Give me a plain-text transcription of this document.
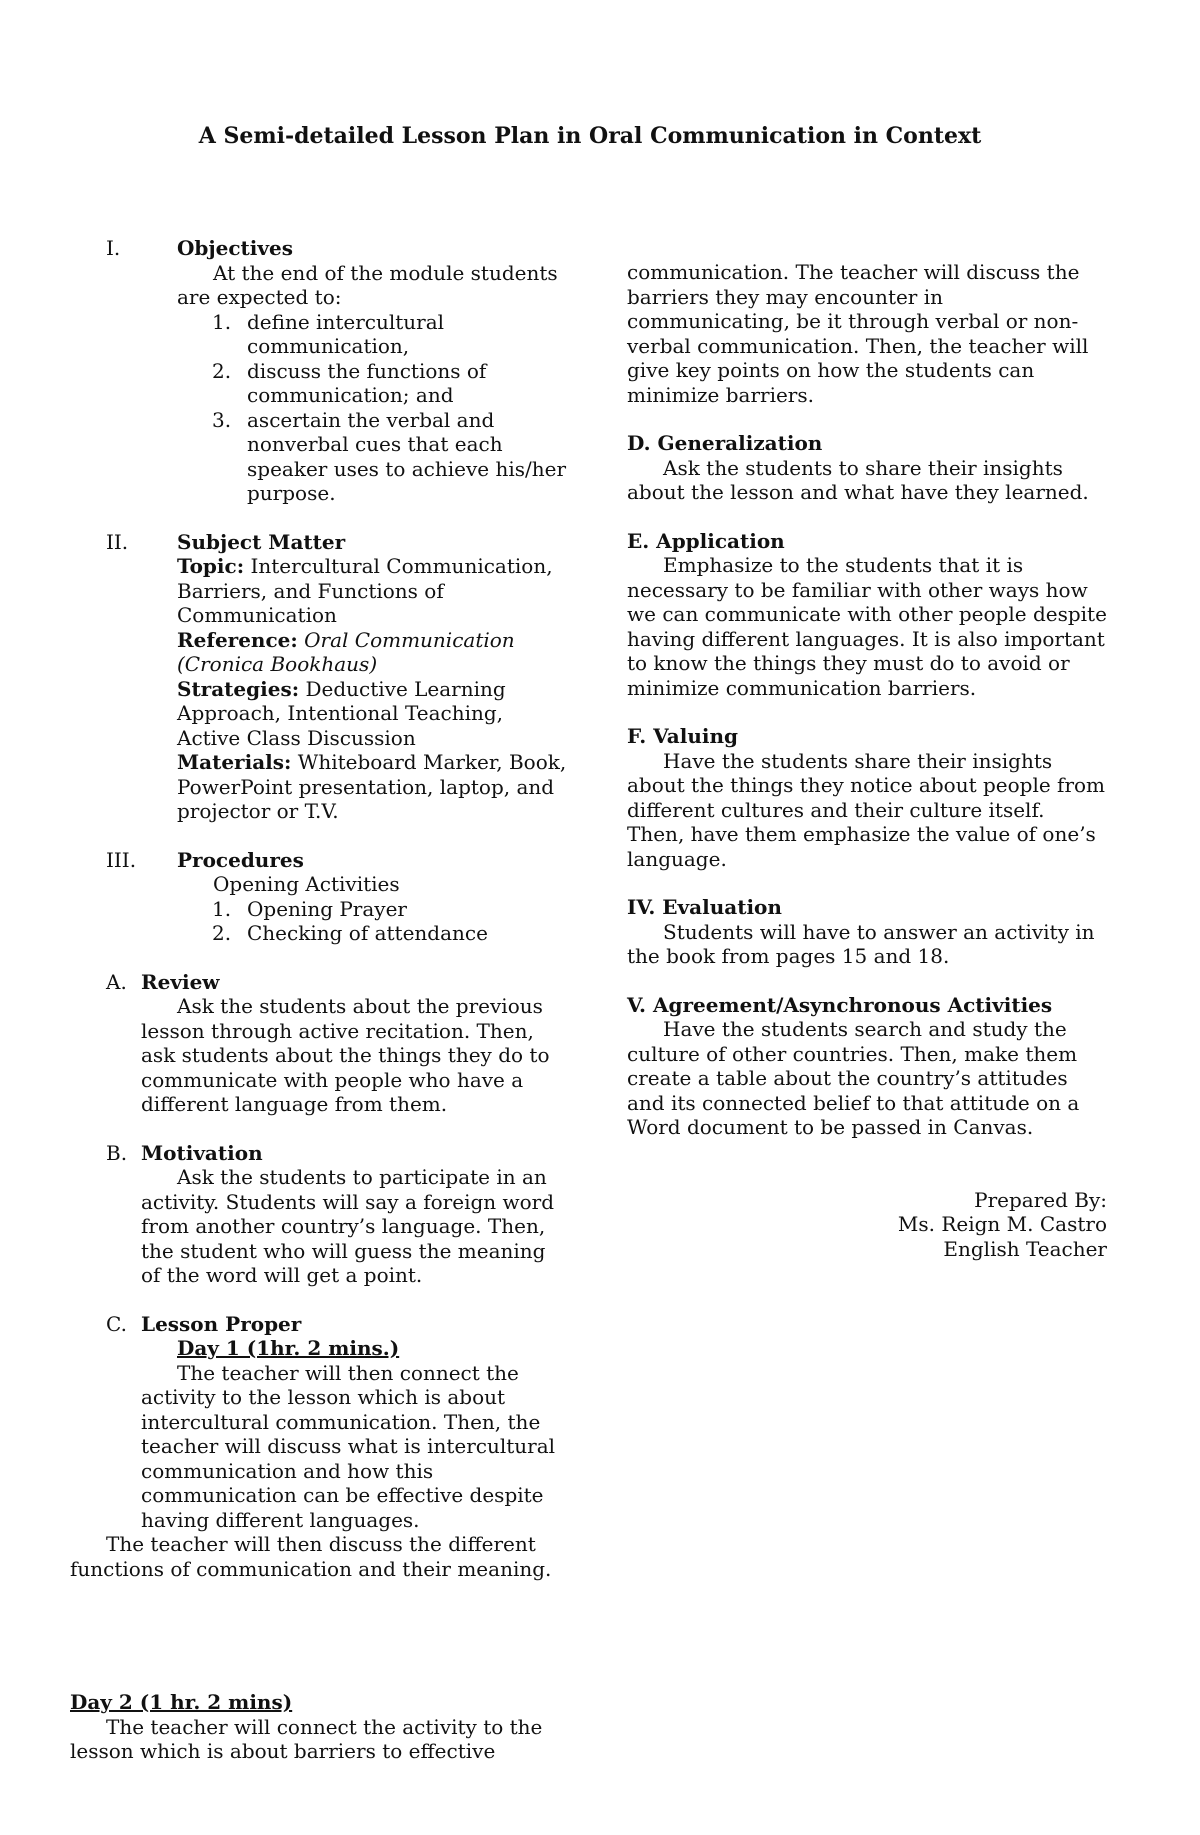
A Semi-detailed Lesson Plan in Oral Communication in Context
I.	Objectives
At the end of the module students are expected to:
1. define intercultural communication,
2. discuss the functions of communication; and
3. ascertain the verbal and nonverbal cues that each speaker uses to achieve his/her purpose.
II. Subject Matter
Topic: Intercultural Communication, Barriers, and Functions of Communication
Reference: Oral Communication (Cronica Bookhaus)
Strategies: Deductive Learning Approach, Intentional Teaching, Active Class Discussion
Materials: Whiteboard Marker, Book, PowerPoint presentation, laptop, and projector or T.V.
III. Procedures
Opening Activities
1. Opening Prayer
2. Checking of attendance
A. Review
Ask the students about the previous lesson through active recitation. Then, ask students about the things they do to communicate with people who have a different language from them.
B. Motivation
Ask the students to participate in an activity. Students will say a foreign word from another country’s language. Then, the student who will guess the meaning of the word will get a point.
C. Lesson Proper
Day 1 (1hr. 2 mins.)
The teacher will then connect the activity to the lesson which is about intercultural communication. Then, the teacher will discuss what is intercultural communication and how this communication can be effective despite having different languages.
The teacher will then discuss the different functions of communication and their meaning.
Day 2 (1 hr. 2 mins)
The teacher will connect the activity to the lesson which is about barriers to effective
communication. The teacher will discuss the barriers they may encounter in communicating, be it through verbal or non-verbal communication. Then, the teacher will give key points on how the students can minimize barriers.
D. Generalization
Ask the students to share their insights about the lesson and what have they learned.
E. Application
Emphasize to the students that it is necessary to be familiar with other ways how we can communicate with other people despite having different languages. It is also important to know the things they must do to avoid or minimize communication barriers.
F. Valuing
Have the students share their insights about the things they notice about people from different cultures and their culture itself. Then, have them emphasize the value of one’s language.
IV. Evaluation
Students will have to answer an activity in the book from pages 15 and 18.
V. Agreement/Asynchronous Activities
Have the students search and study the culture of other countries. Then, make them create a table about the country’s attitudes and its connected belief to that attitude on a Word document to be passed in Canvas.
Prepared By:
Ms. Reign M. Castro
English Teacher
